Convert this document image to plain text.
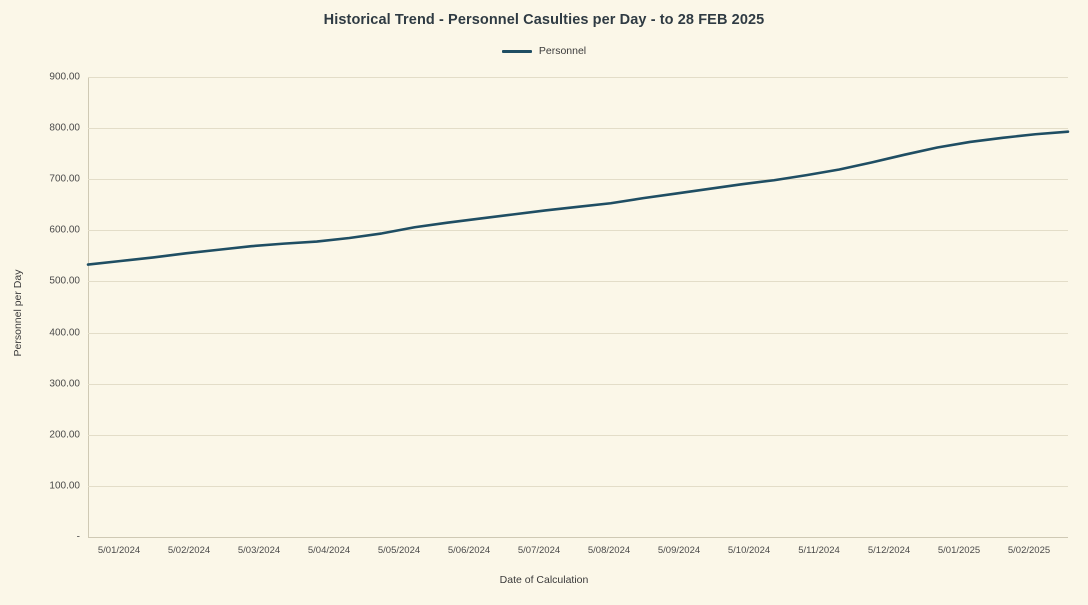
Historical Trend - Personnel Casulties per Day - to 28 FEB 2025
Personnel
-
100.00
200.00
300.00
400.00
500.00
600.00
700.00
800.00
900.00
5/01/2024	5/02/2024	5/03/2024	5/04/2024	5/05/2024	5/06/2024	5/07/2024	5/08/2024	5/09/2024	5/10/2024	5/11/2024	5/12/2024	5/01/2025	5/02/2025
Personnel per Day
Date of Calculation
